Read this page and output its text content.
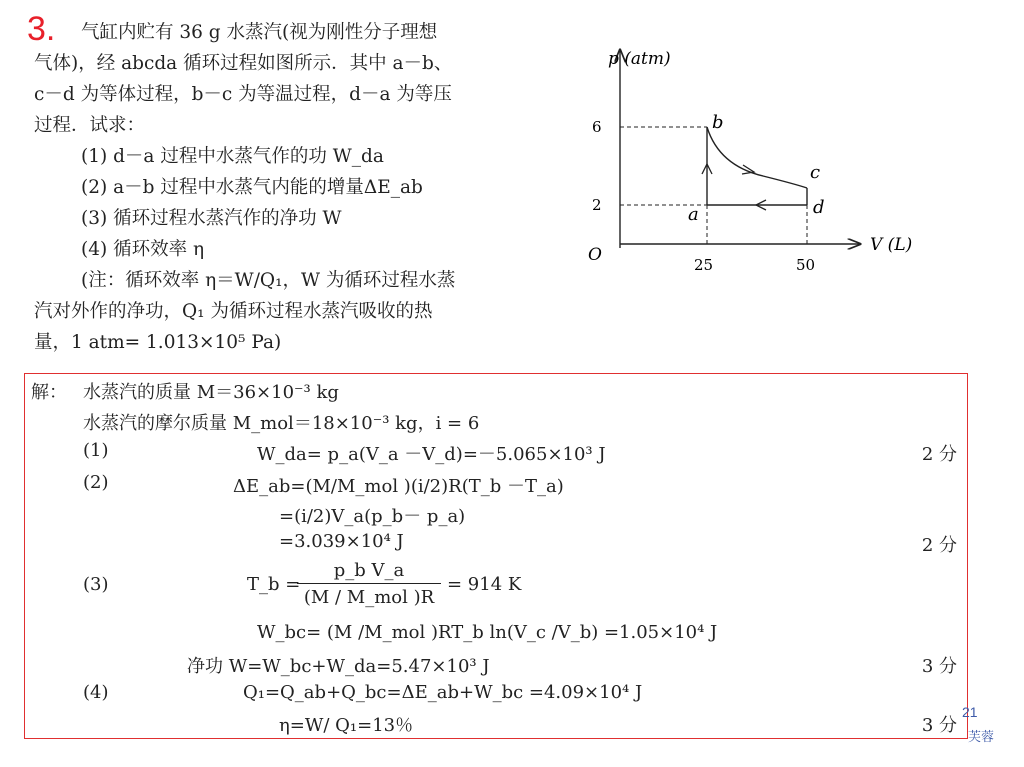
3.	气缸内贮有 36 g 水蒸汽(视为刚性分子理想
气体)，经 abcda 循环过程如图所示．其中 a－b、
c－d 为等体过程，b－c 为等温过程，d－a 为等压
过程．试求：
(1) d－a 过程中水蒸气作的功 W_da
(2) a－b 过程中水蒸气内能的增量ΔE_ab
(3) 循环过程水蒸汽作的净功 W
(4) 循环效率 η
(注：循环效率 η＝W/Q₁，W 为循环过程水蒸
汽对外作的净功，Q₁ 为循环过程水蒸汽吸收的热
量，1 atm= 1.013×10⁵ Pa)
p (atm)
V (L)
O
6
2
25	50
a
b
c
d
解： 水蒸汽的质量 M＝36×10⁻³ kg
水蒸汽的摩尔质量 M_mol＝18×10⁻³ kg，i = 6
(1)	W_da= p_a(V_a －V_d)=－5.065×10³ J	2 分
(2)	ΔE_ab=(M/M_mol )(i/2)R(T_b －T_a)
=(i/2)V_a(p_b－ p_a)
=3.039×10⁴ J	2 分
(3)	T_b =
p_b V_a
(M / M_mol )R
= 914 K
W_bc= (M /M_mol )RT_b ln(V_c /V_b) =1.05×10⁴ J
净功 W=W_bc+W_da=5.47×10³ J	3 分
(4)	Q₁=Q_ab+Q_bc=ΔE_ab+W_bc =4.09×10⁴ J
η=W/ Q₁=13％	3 分
21
芙蓉
